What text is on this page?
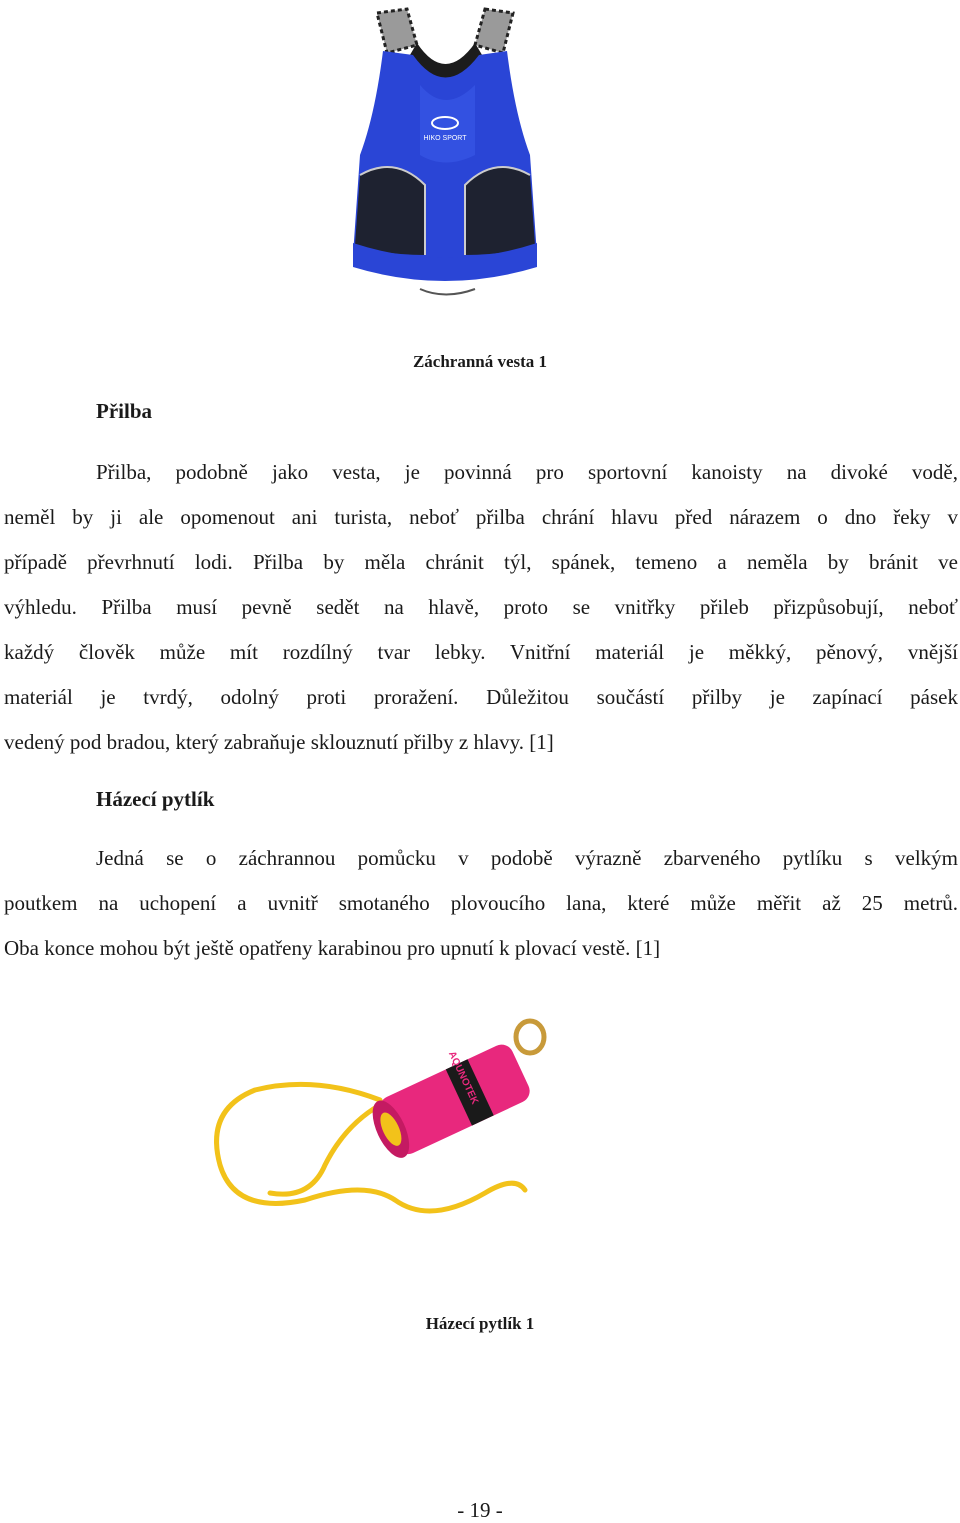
HIKO SPORT
Záchranná vesta 1
Přilba
Přilba, podobně jako vesta, je povinná pro sportovní kanoisty na divoké vodě,
neměl by ji ale opomenout ani turista, neboť přilba chrání hlavu před nárazem o dno řeky v
případě převrhnutí lodi. Přilba by měla chránit týl, spánek, temeno a neměla by bránit ve
výhledu. Přilba musí pevně sedět na hlavě, proto se vnitřky přileb přizpůsobují, neboť
každý člověk může mít rozdílný tvar lebky. Vnitřní materiál je měkký, pěnový, vnější
materiál je tvrdý, odolný proti proražení. Důležitou součástí přilby je zapínací pásek
vedený pod bradou, který zabraňuje sklouznutí přilby z hlavy. [1]
Házecí pytlík
Jedná se o záchrannou pomůcku v podobě výrazně zbarveného pytlíku s velkým
poutkem na uchopení a uvnitř smotaného plovoucího lana, které může měřit až 25 metrů.
Oba konce mohou být ještě opatřeny karabinou pro upnutí k plovací vestě. [1]
AQUNOTEK
Házecí pytlík 1
- 19 -
